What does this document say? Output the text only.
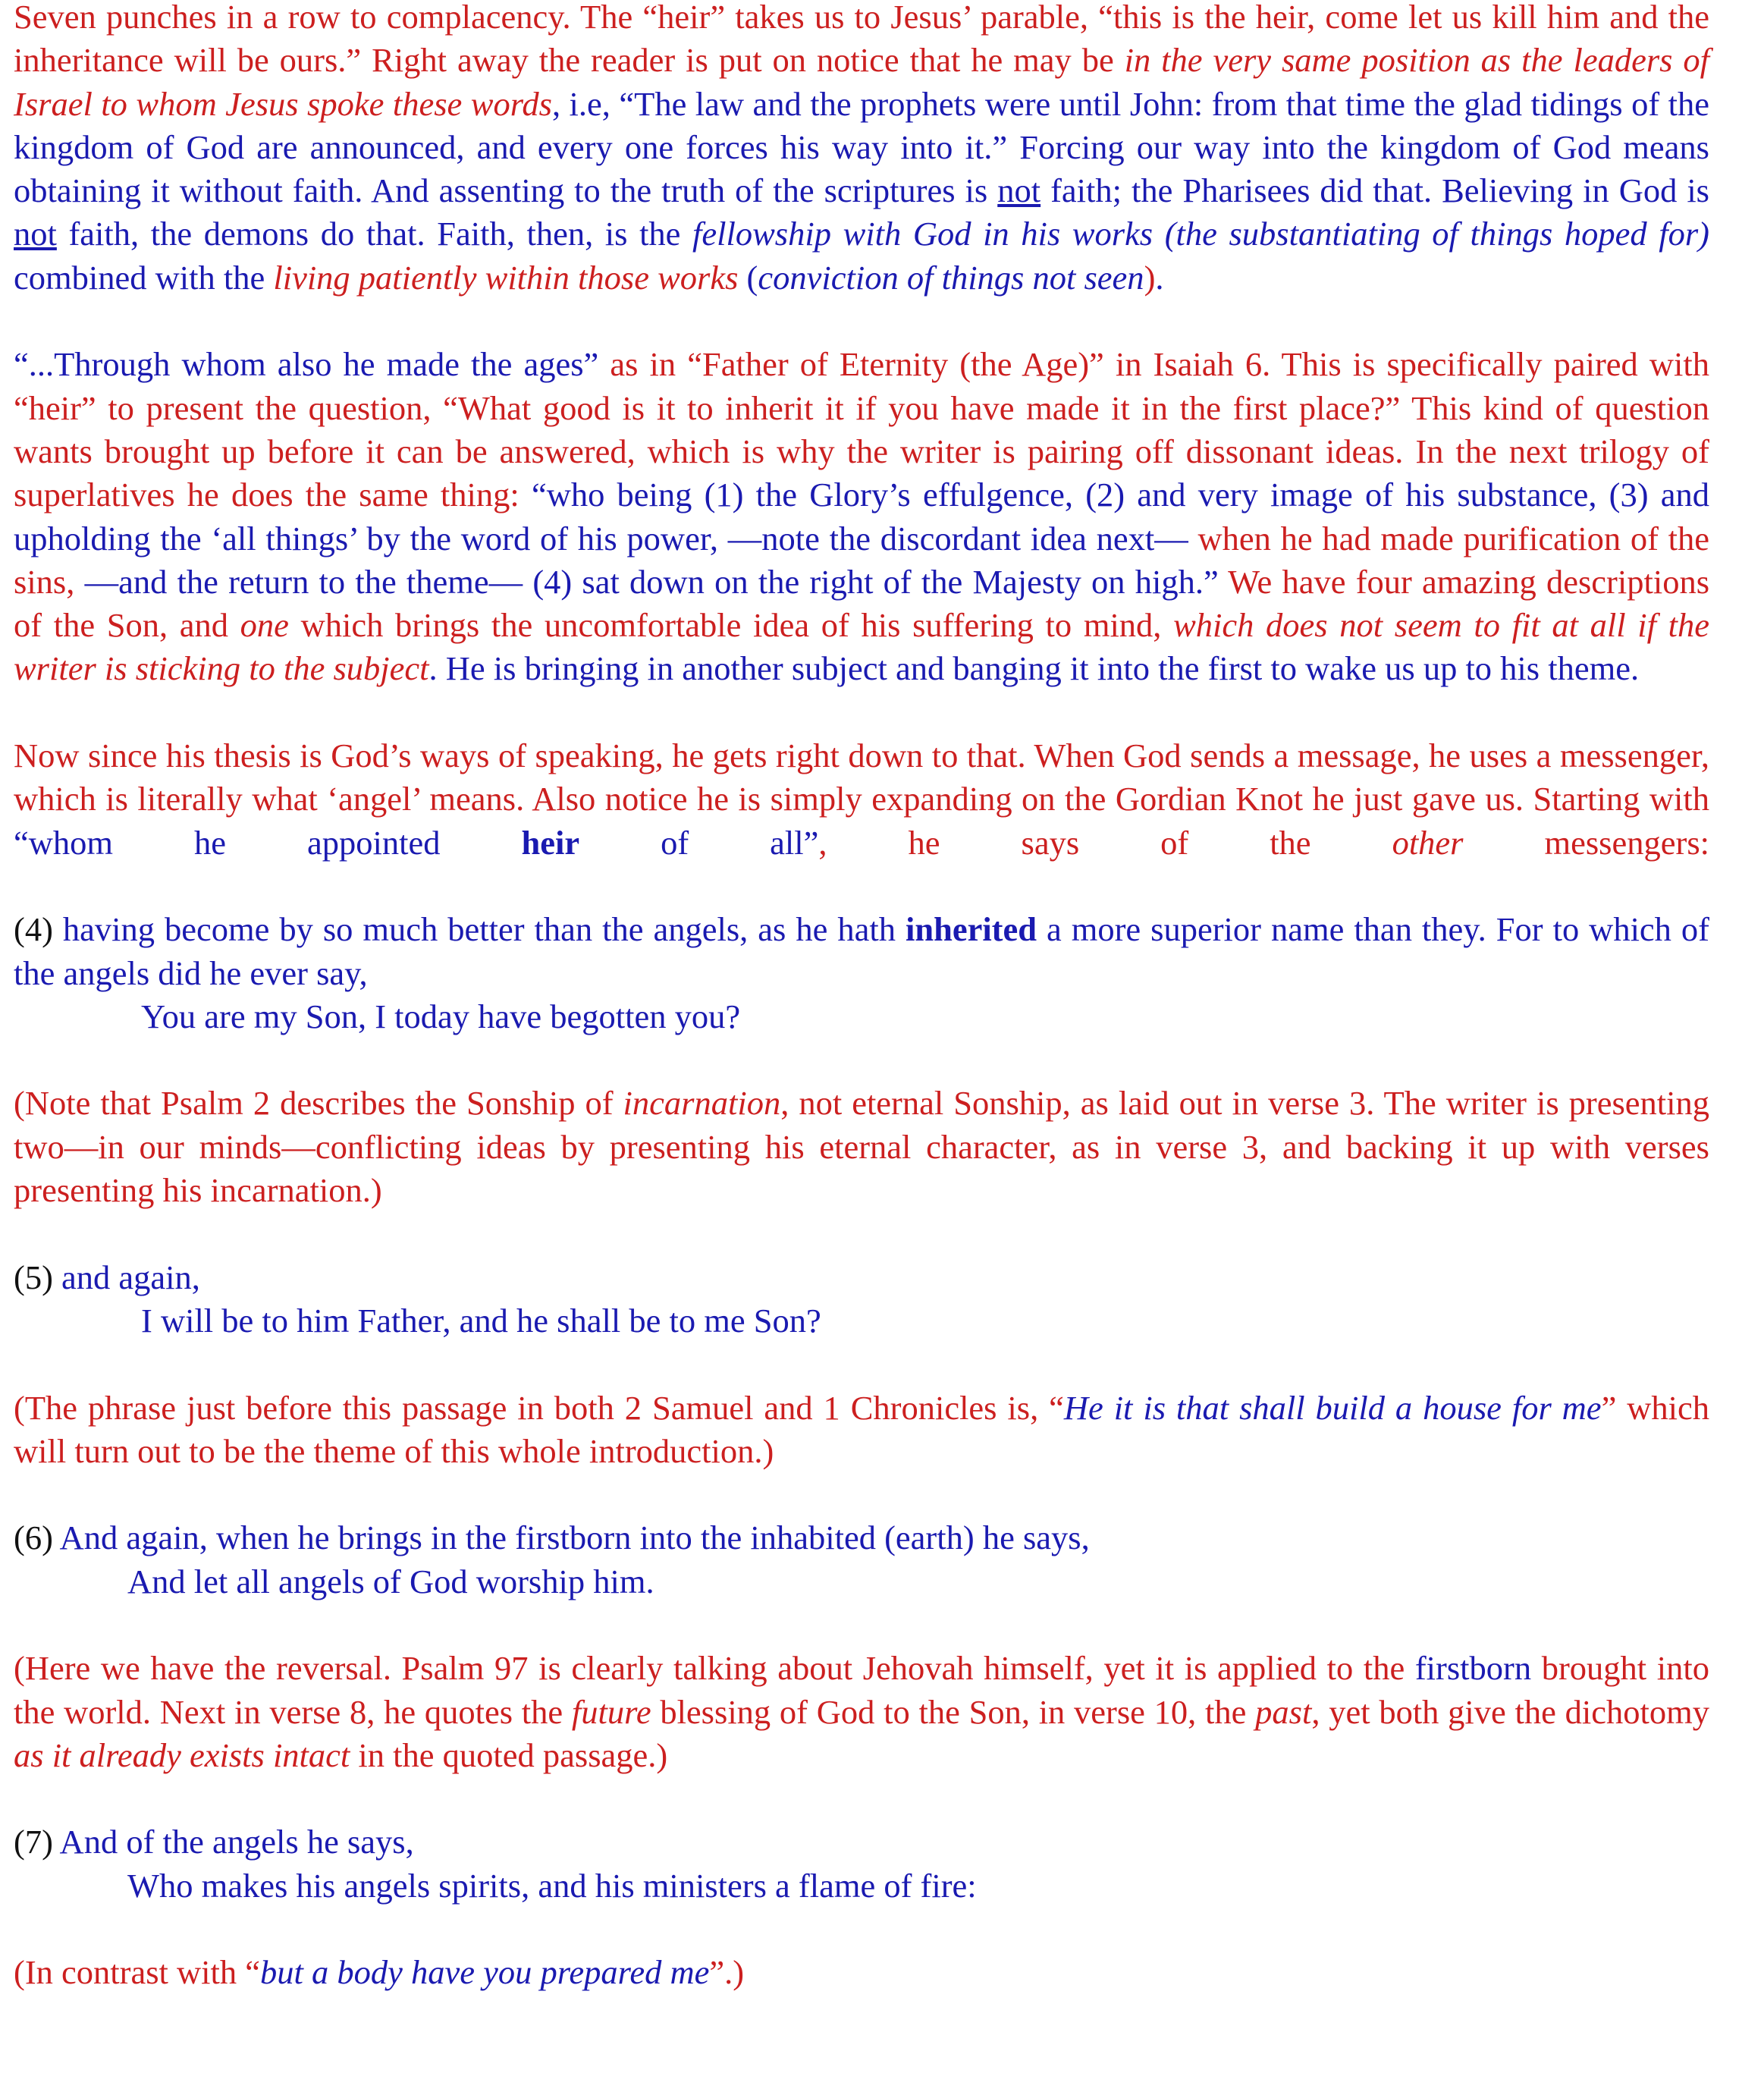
Seven punches in a row to complacency. The “heir” takes us to Jesus’ parable, “this is the heir, come let us kill him and the inheritance will be ours.” Right away the reader is put on notice that he may be in the very same position as the leaders of Israel to whom Jesus spoke these words, i.e, “The law and the prophets were until John: from that time the glad tidings of the kingdom of God are announced, and every one forces his way into it.” Forcing our way into the kingdom of God means obtaining it without faith. And assenting to the truth of the scriptures is not faith; the Pharisees did that. Believing in God is not faith, the demons do that. Faith, then, is the fellowship with God in his works (the substantiating of things hoped for) combined with the living patiently within those works (conviction of things not seen).

“...Through whom also he made the ages” as in “Father of Eternity (the Age)” in Isaiah 6. This is specifically paired with “heir” to present the question, “What good is it to inherit it if you have made it in the first place?” This kind of question wants brought up before it can be answered, which is why the writer is pairing off dissonant ideas. In the next trilogy of superlatives he does the same thing: “who being (1) the Glory’s effulgence, (2) and very image of his substance, (3) and upholding the ‘all things’ by the word of his power, —note the discordant idea next— when he had made purification of the sins, —and the return to the theme— (4) sat down on the right of the Majesty on high.” We have four amazing descriptions of the Son, and one which brings the uncomfortable idea of his suffering to mind, which does not seem to fit at all if the writer is sticking to the subject. He is bringing in another subject and banging it into the first to wake us up to his theme.

Now since his thesis is God’s ways of speaking, he gets right down to that. When God sends a message, he uses a messenger, which is literally what ‘angel’ means. Also notice he is simply expanding on the Gordian Knot he just gave us. Starting with “whom he appointed heir of all”, he says of the other messengers:

(4) having become by so much better than the angels, as he hath inherited a more superior name than they. For to which of the angels did he ever say,
You are my Son, I today have begotten you?

(Note that Psalm 2 describes the Sonship of incarnation, not eternal Sonship, as laid out in verse 3. The writer is presenting two—in our minds—conflicting ideas by presenting his eternal character, as in verse 3, and backing it up with verses presenting his incarnation.)

(5) and again,
I will be to him Father, and he shall be to me Son?

(The phrase just before this passage in both 2 Samuel and 1 Chronicles is, “He it is that shall build a house for me” which will turn out to be the theme of this whole introduction.)

(6) And again, when he brings in the firstborn into the inhabited (earth) he says,
And let all angels of God worship him.

(Here we have the reversal. Psalm 97 is clearly talking about Jehovah himself, yet it is applied to the firstborn brought into the world. Next in verse 8, he quotes the future blessing of God to the Son, in verse 10, the past, yet both give the dichotomy as it already exists intact in the quoted passage.)

(7) And of the angels he says,
Who makes his angels spirits, and his ministers a flame of fire:

(In contrast with “but a body have you prepared me”.)
